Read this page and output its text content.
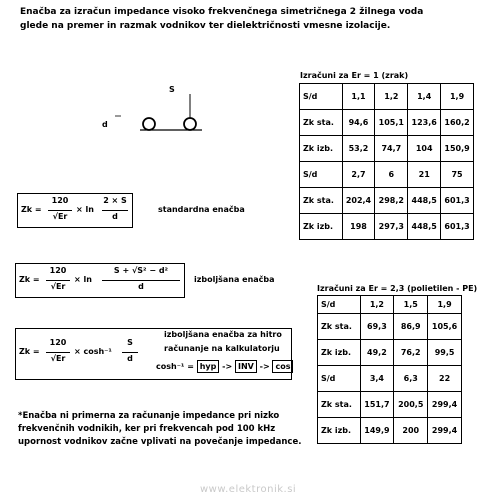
Enačba za izračun impedance visoko frekvenčnega simetričnega 2 žilnega voda
glede na premer in razmak vodnikov ter dielektričnosti vmesne izolacije.
S
d
Zk =
120
√Er
× ln
2 × S
d
standardna enačba
Zk =
120
√Er
× ln
S + √S² − d²
d
izboljšana enačba
Zk =
120
√Er
× cosh⁻¹
S
d
izboljšana enačba za hitro
računanje na kalkulatorju
cosh⁻¹ = hyp -> INV -> cos
Izračuni za Er = 1 (zrak)
S/d	1,1	1,2	1,4	1,9
Zk sta.	94,6	105,1	123,6	160,2
Zk izb.	53,2	74,7	104	150,9
S/d	2,7	6	21	75
Zk sta.	202,4	298,2	448,5	601,3
Zk izb.	198	297,3	448,5	601,3
Izračuni za Er = 2,3 (polietilen - PE)
S/d	1,2	1,5	1,9
Zk sta.	69,3	86,9	105,6
Zk izb.	49,2	76,2	99,5
S/d	3,4	6,3	22
Zk sta.	151,7	200,5	299,4
Zk izb.	149,9	200	299,4
*Enačba ni primerna za računanje impedance pri nizko
frekvenčnih vodnikih, ker pri frekvencah pod 100 kHz
upornost vodnikov začne vplivati na povečanje impedance.
www.elektronik.si
